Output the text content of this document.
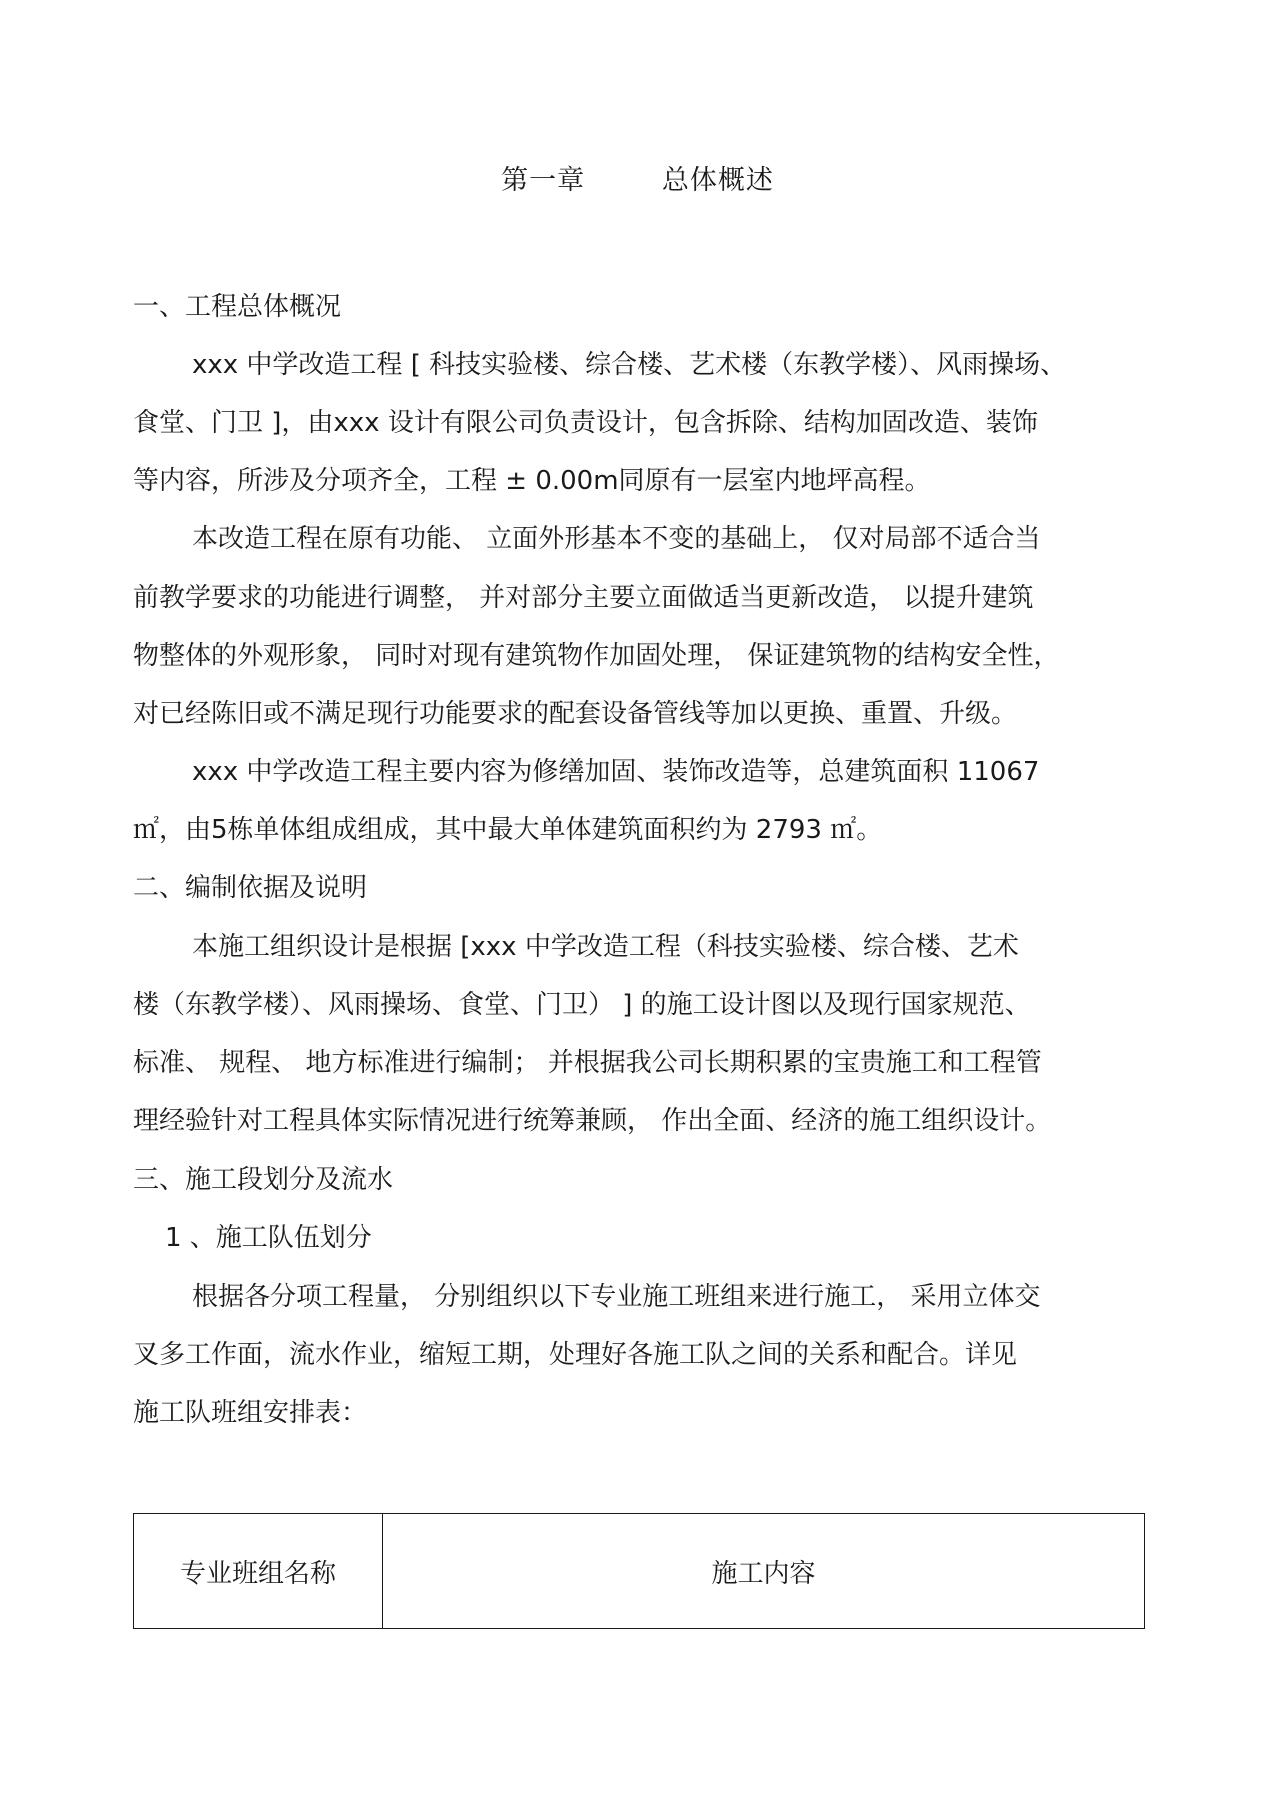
第一章        总体概述
一、工程总体概况
xxx 中学改造工程 [ 科技实验楼、综合楼、艺术楼（东教学楼）、风雨操场、
食堂、门卫 ]，由xxx 设计有限公司负责设计，包含拆除、结构加固改造、装饰
等内容，所涉及分项齐全，工程 ± 0.00m同原有一层室内地坪高程。
本改造工程在原有功能、 立面外形基本不变的基础上， 仅对局部不适合当
前教学要求的功能进行调整， 并对部分主要立面做适当更新改造， 以提升建筑
物整体的外观形象， 同时对现有建筑物作加固处理， 保证建筑物的结构安全性，
对已经陈旧或不满足现行功能要求的配套设备管线等加以更换、重置、升级。
xxx 中学改造工程主要内容为修缮加固、装饰改造等，总建筑面积 11067
㎡，由5栋单体组成组成，其中最大单体建筑面积约为 2793 ㎡。
二、编制依据及说明
本施工组织设计是根据 [xxx 中学改造工程（科技实验楼、综合楼、艺术
楼（东教学楼）、风雨操场、食堂、门卫） ] 的施工设计图以及现行国家规范、
标准、 规程、 地方标准进行编制； 并根据我公司长期积累的宝贵施工和工程管
理经验针对工程具体实际情况进行统筹兼顾， 作出全面、经济的施工组织设计。
三、施工段划分及流水
1 、施工队伍划分
根据各分项工程量， 分别组织以下专业施工班组来进行施工， 采用立体交
叉多工作面，流水作业，缩短工期，处理好各施工队之间的关系和配合。详见
施工队班组安排表：
专业班组名称	施工内容
